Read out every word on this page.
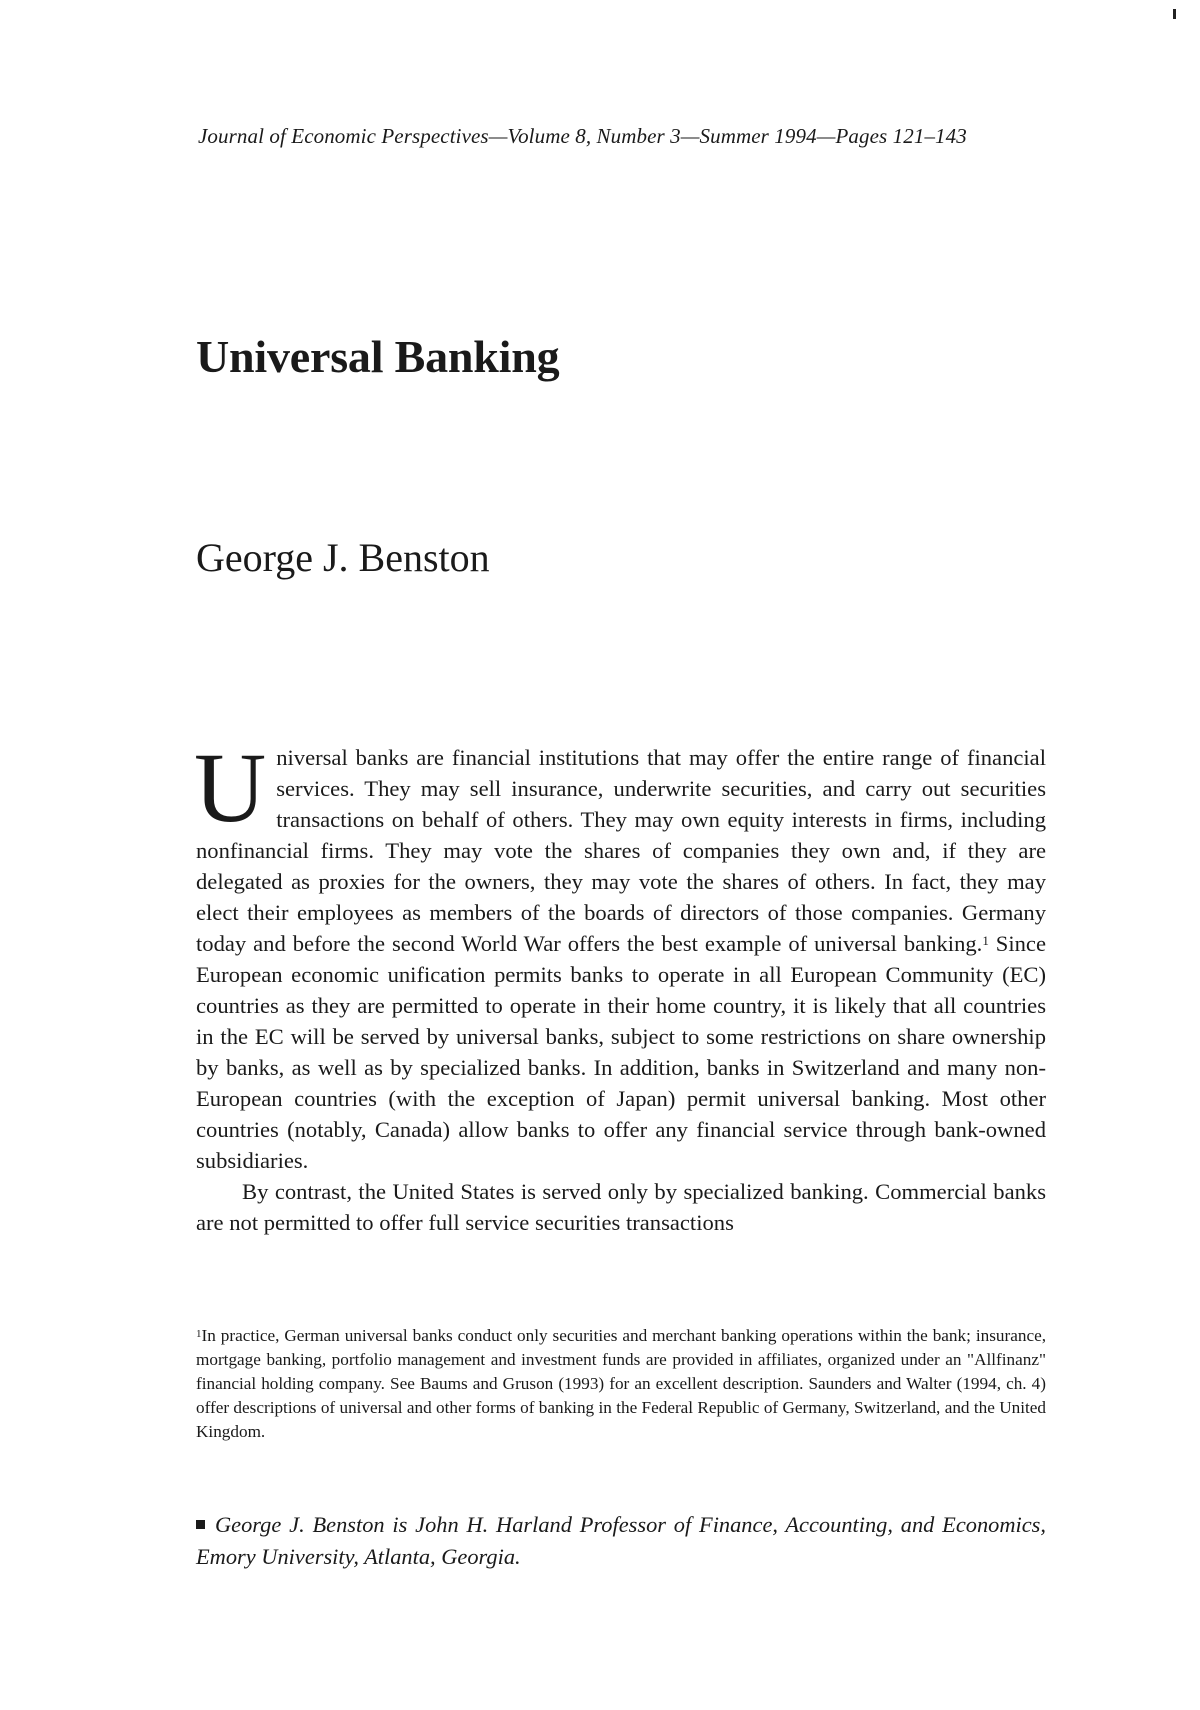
Journal of Economic Perspectives—Volume 8, Number 3—Summer 1994—Pages 121–143
Universal Banking
George J. Benston

Universal banks are financial institutions that may offer the entire range of financial services. They may sell insurance, underwrite securities, and carry out securities transactions on behalf of others. They may own equity interests in firms, including nonfinancial firms. They may vote the shares of companies they own and, if they are delegated as proxies for the owners, they may vote the shares of others. In fact, they may elect their employees as members of the boards of directors of those companies. Germany today and before the second World War offers the best example of universal banking.$^1$ Since European economic unification permits banks to operate in all European Community (EC) countries as they are permitted to operate in their home country, it is likely that all countries in the EC will be served by universal banks, subject to some restrictions on share ownership by banks, as well as by specialized banks. In addition, banks in Switzerland and many non-European countries (with the exception of Japan) permit universal banking. Most other countries (notably, Canada) allow banks to offer any financial service through bank-owned subsidiaries.

By contrast, the United States is served only by specialized banking. Commercial banks are not permitted to offer full service securities transactions

$^1$In practice, German universal banks conduct only securities and merchant banking operations within the bank; insurance, mortgage banking, portfolio management and investment funds are provided in affiliates, organized under an "Allfinanz" financial holding company. See Baums and Gruson (1993) for an excellent description. Saunders and Walter (1994, ch. 4) offer descriptions of universal and other forms of banking in the Federal Republic of Germany, Switzerland, and the United Kingdom.
George J. Benston is John H. Harland Professor of Finance, Accounting, and Economics, Emory University, Atlanta, Georgia.
